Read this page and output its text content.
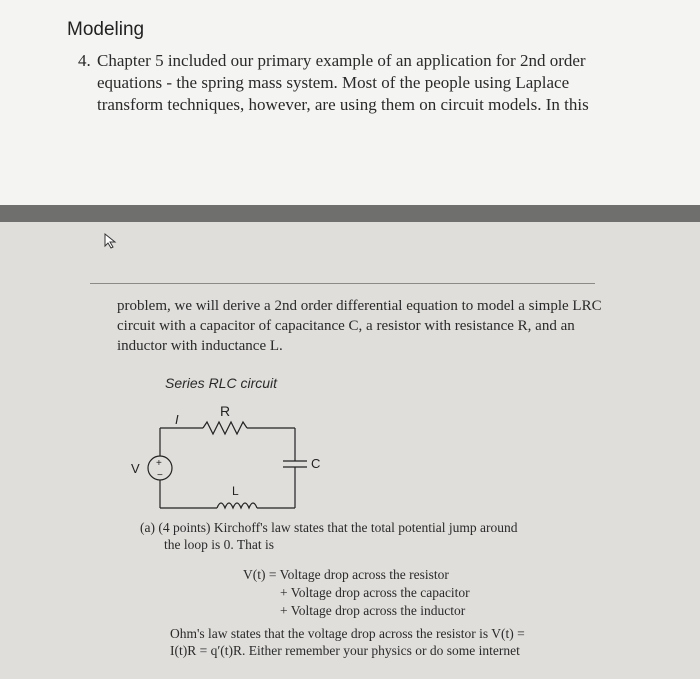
Modeling
4. Chapter 5 included our primary example of an application for 2nd order equations - the spring mass system. Most of the people using Laplace transform techniques, however, are using them on circuit models. In this
problem, we will derive a 2nd order differential equation to model a simple LRC circuit with a capacitor of capacitance C, a resistor with resistance R, and an inductor with inductance L.
Series RLC circuit
I
R
V +
−
C
L
(a) (4 points) Kirchoff's law states that the total potential jump around
the loop is 0. That is
V(t) = Voltage drop across the resistor
+ Voltage drop across the capacitor
+ Voltage drop across the inductor
Ohm's law states that the voltage drop across the resistor is V(t) =
I(t)R = q′(t)R. Either remember your physics or do some internet
